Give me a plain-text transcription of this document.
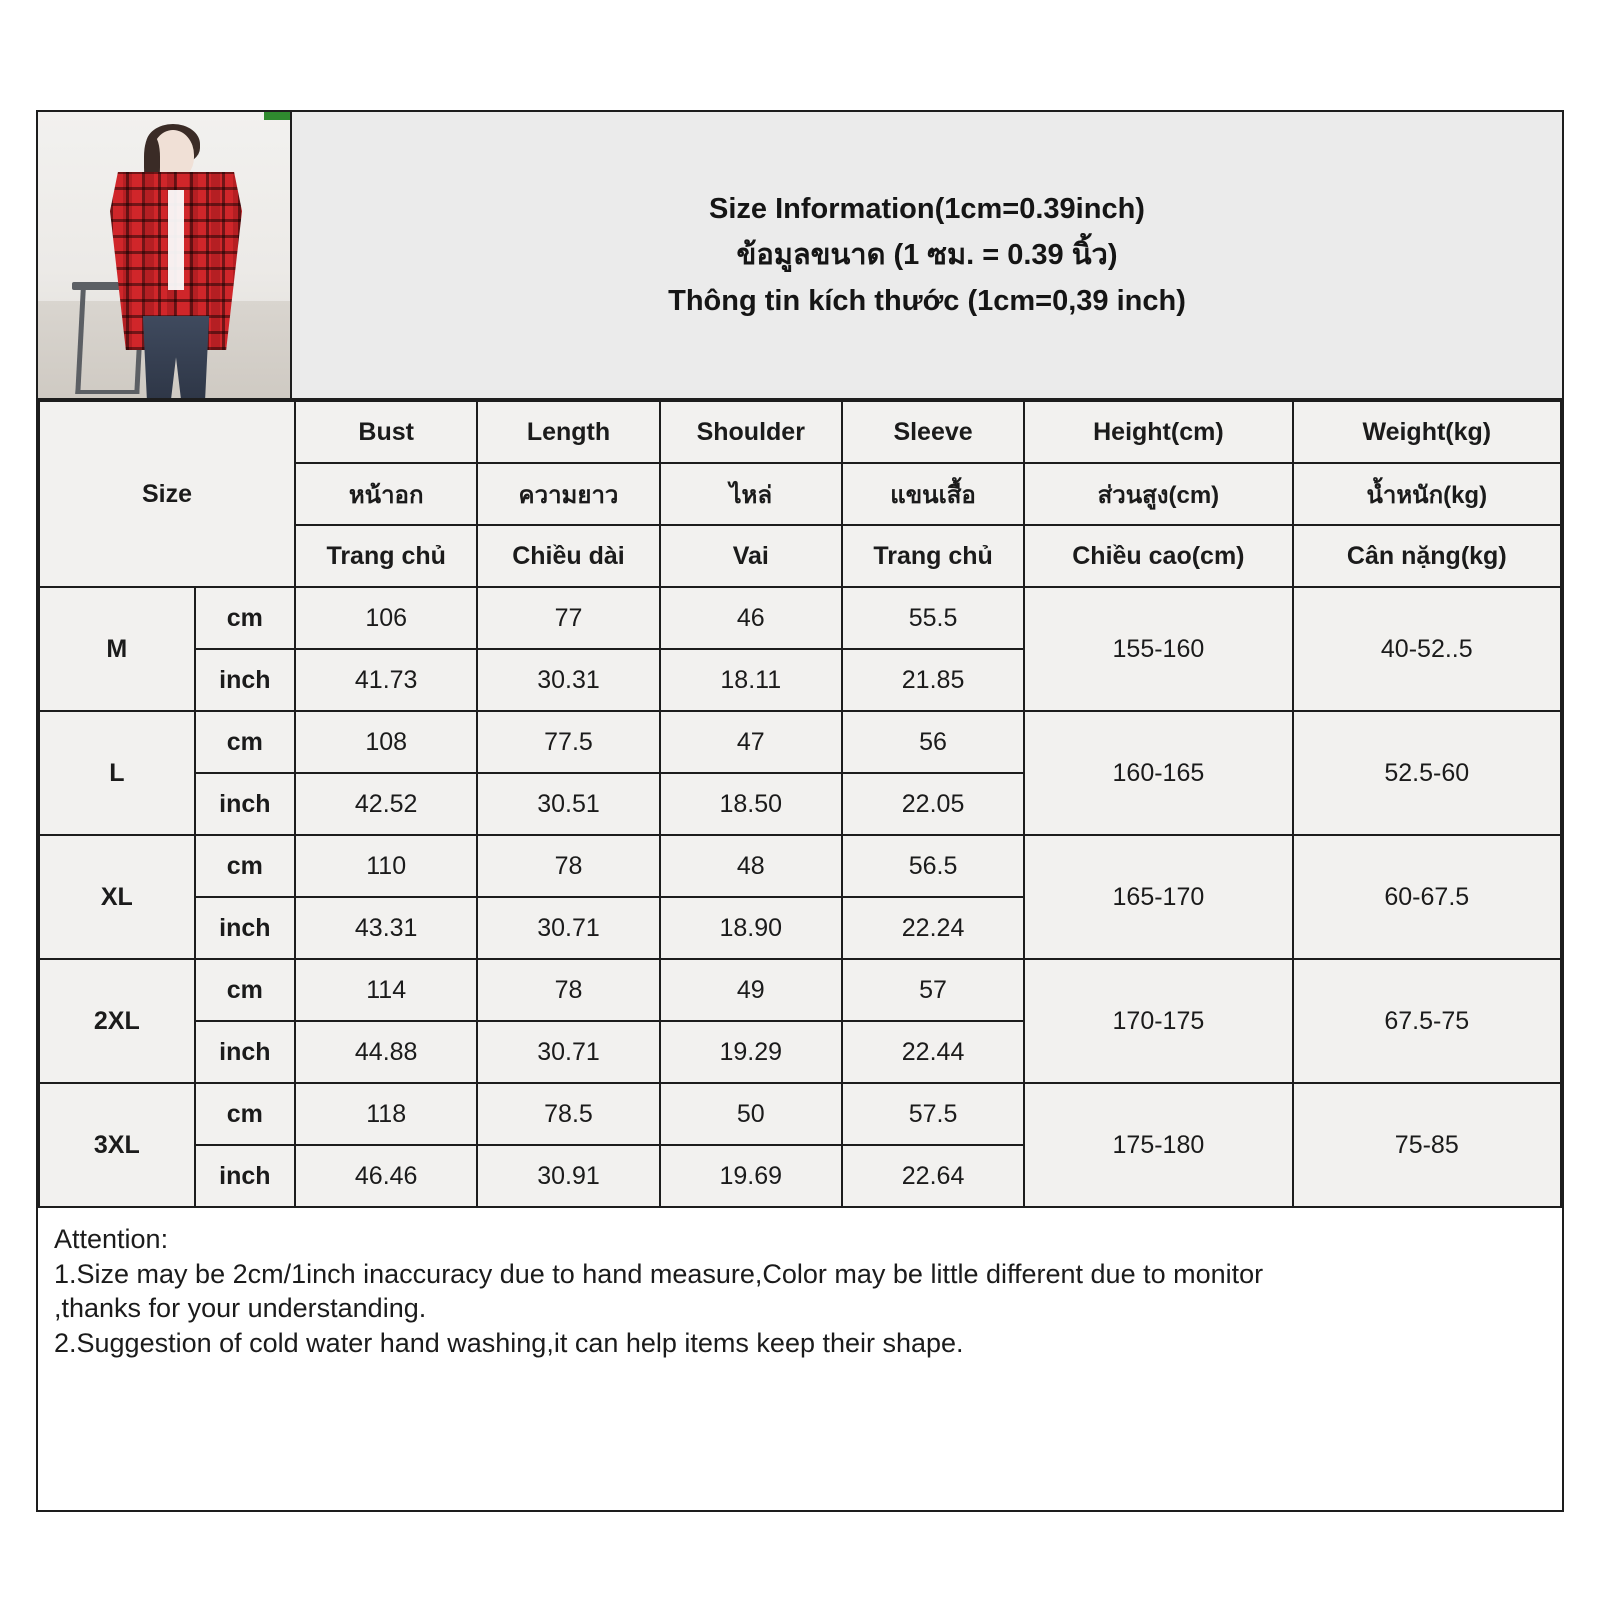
Size Information(1cm=0.39inch)
ข้อมูลขนาด (1 ซม. = 0.39 นิ้ว)
Thông tin kích thước (1cm=0,39 inch)
Size		Bust	Length	Shoulder	Sleeve	Height(cm)	Weight(kg)
		หน้าอก	ความยาว	ไหล่	แขนเสื้อ	ส่วนสูง(cm)	น้ำหนัก(kg)
		Trang chủ	Chiều dài	Vai	Trang chủ	Chiều cao(cm)	Cân nặng(kg)
M	cm	106	77	46	55.5	155-160	40-52..5
	inch	41.73	30.31	18.11	21.85		
L	cm	108	77.5	47	56	160-165	52.5-60
	inch	42.52	30.51	18.50	22.05		
XL	cm	110	78	48	56.5	165-170	60-67.5
	inch	43.31	30.71	18.90	22.24		
2XL	cm	114	78	49	57	170-175	67.5-75
	inch	44.88	30.71	19.29	22.44		
3XL	cm	118	78.5	50	57.5	175-180	75-85
	inch	46.46	30.91	19.69	22.64		
Attention:
1.Size may be 2cm/1inch inaccuracy due to hand measure,Color may be little different due to monitor
,thanks for your understanding.
2.Suggestion of cold water hand washing,it can help items keep their shape.
